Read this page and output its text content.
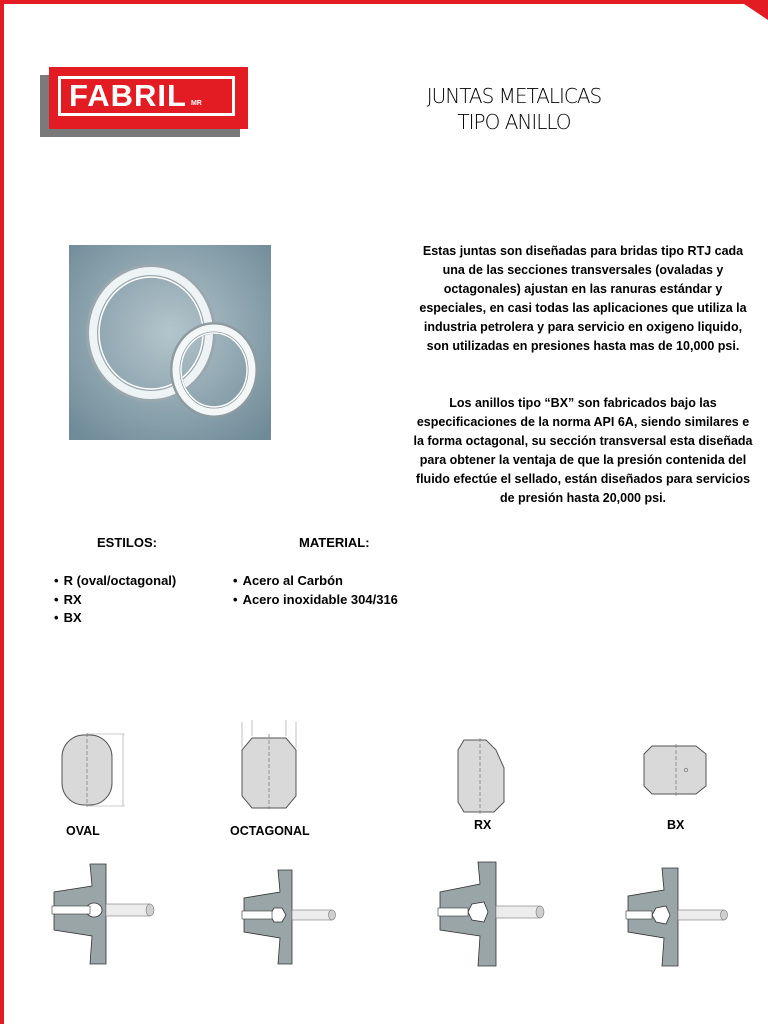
FABRIL MR	JUNTAS METALICAS
TIPO ANILLO
Estas juntas son diseñadas para bridas tipo RTJ cada una de las secciones transversales (ovaladas y octagonales) ajustan en las ranuras estándar y especiales, en casi todas las aplicaciones que utiliza la industria petrolera y para servicio en oxigeno liquido, son utilizadas en presiones hasta mas de 10,000 psi.
Los anillos tipo “BX” son fabricados bajo las especificaciones de la norma API 6A, siendo similares e la forma octagonal, su sección transversal esta diseñada para obtener la ventaja de que la presión contenida del fluido efectúe el sellado, están diseñados para servicios de presión hasta 20,000 psi.
ESTILOS:	MATERIAL:
• R (oval/octagonal)
• RX
• BX
• Acero al Carbón
• Acero inoxidable 304/316
OVAL	OCTAGONAL	RX	BX
